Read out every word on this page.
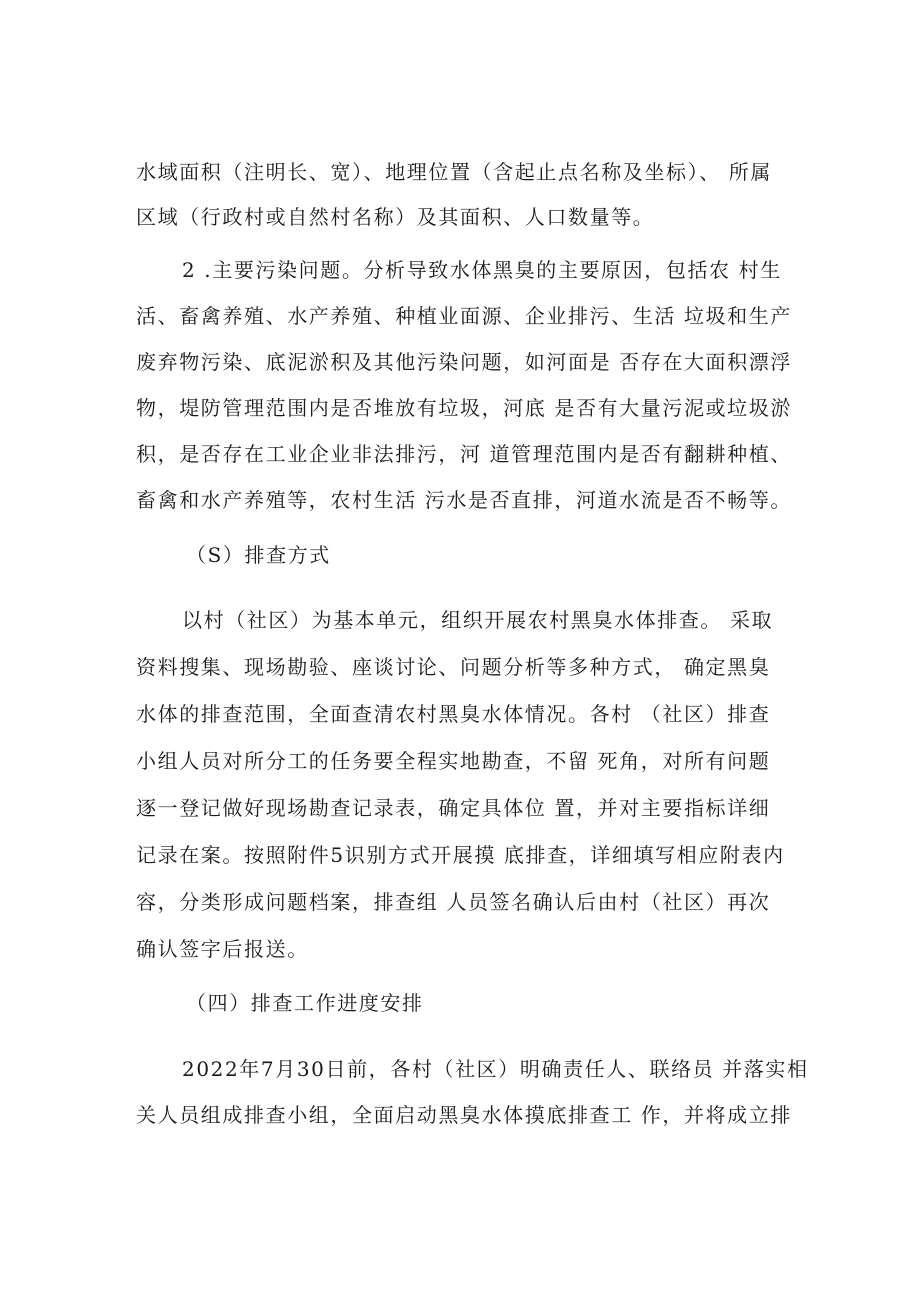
水域面积（注明长、宽）、地理位置（含起止点名称及坐标）、 所属
区域（行政村或自然村名称）及其面积、人口数量等。
2 .主要污染问题。分析导致水体黑臭的主要原因，包括农 村生
活、畜禽养殖、水产养殖、种植业面源、企业排污、生活 垃圾和生产
废弃物污染、底泥淤积及其他污染问题，如河面是 否存在大面积漂浮
物，堤防管理范围内是否堆放有垃圾，河底 是否有大量污泥或垃圾淤
积，是否存在工业企业非法排污，河 道管理范围内是否有翻耕种植、
畜禽和水产养殖等，农村生活 污水是否直排，河道水流是否不畅等。
（S）排查方式
以村（社区）为基本单元，组织开展农村黑臭水体排查。 采取
资料搜集、现场勘验、座谈讨论、问题分析等多种方式， 确定黑臭
水体的排查范围，全面查清农村黑臭水体情况。各村 （社区）排查
小组人员对所分工的任务要全程实地勘查，不留 死角，对所有问题
逐一登记做好现场勘查记录表，确定具体位 置，并对主要指标详细
记录在案。按照附件5识别方式开展摸 底排查，详细填写相应附表内
容，分类形成问题档案，排查组 人员签名确认后由村（社区）再次
确认签字后报送。
（四）排查工作进度安排
2022年7月30日前，各村（社区）明确责任人、联络员 并落实相
关人员组成排查小组，全面启动黑臭水体摸底排查工 作，并将成立排
